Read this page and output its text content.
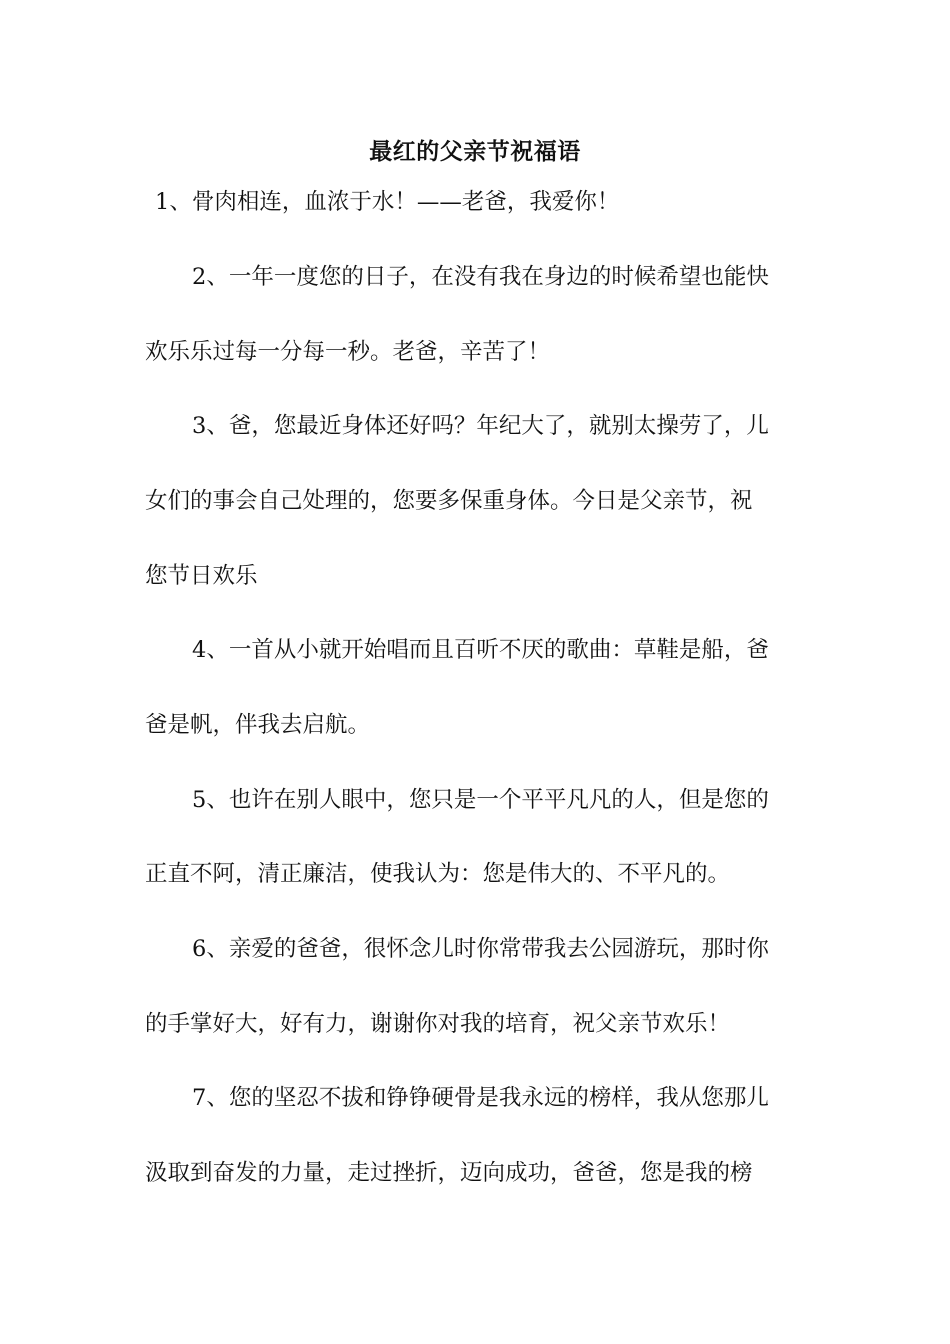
最红的父亲节祝福语
1、骨肉相连，血浓于水！——老爸，我爱你！
2、一年一度您的日子，在没有我在身边的时候希望也能快
欢乐乐过每一分每一秒。老爸，辛苦了！
3、爸，您最近身体还好吗？年纪大了，就别太操劳了，儿
女们的事会自己处理的，您要多保重身体。今日是父亲节，祝
您节日欢乐
4、一首从小就开始唱而且百听不厌的歌曲：草鞋是船，爸
爸是帆，伴我去启航。
5、也许在别人眼中，您只是一个平平凡凡的人，但是您的
正直不阿，清正廉洁，使我认为：您是伟大的、不平凡的。
6、亲爱的爸爸，很怀念儿时你常带我去公园游玩，那时你
的手掌好大，好有力，谢谢你对我的培育，祝父亲节欢乐！
7、您的坚忍不拔和铮铮硬骨是我永远的榜样，我从您那儿
汲取到奋发的力量，走过挫折，迈向成功，爸爸，您是我的榜
